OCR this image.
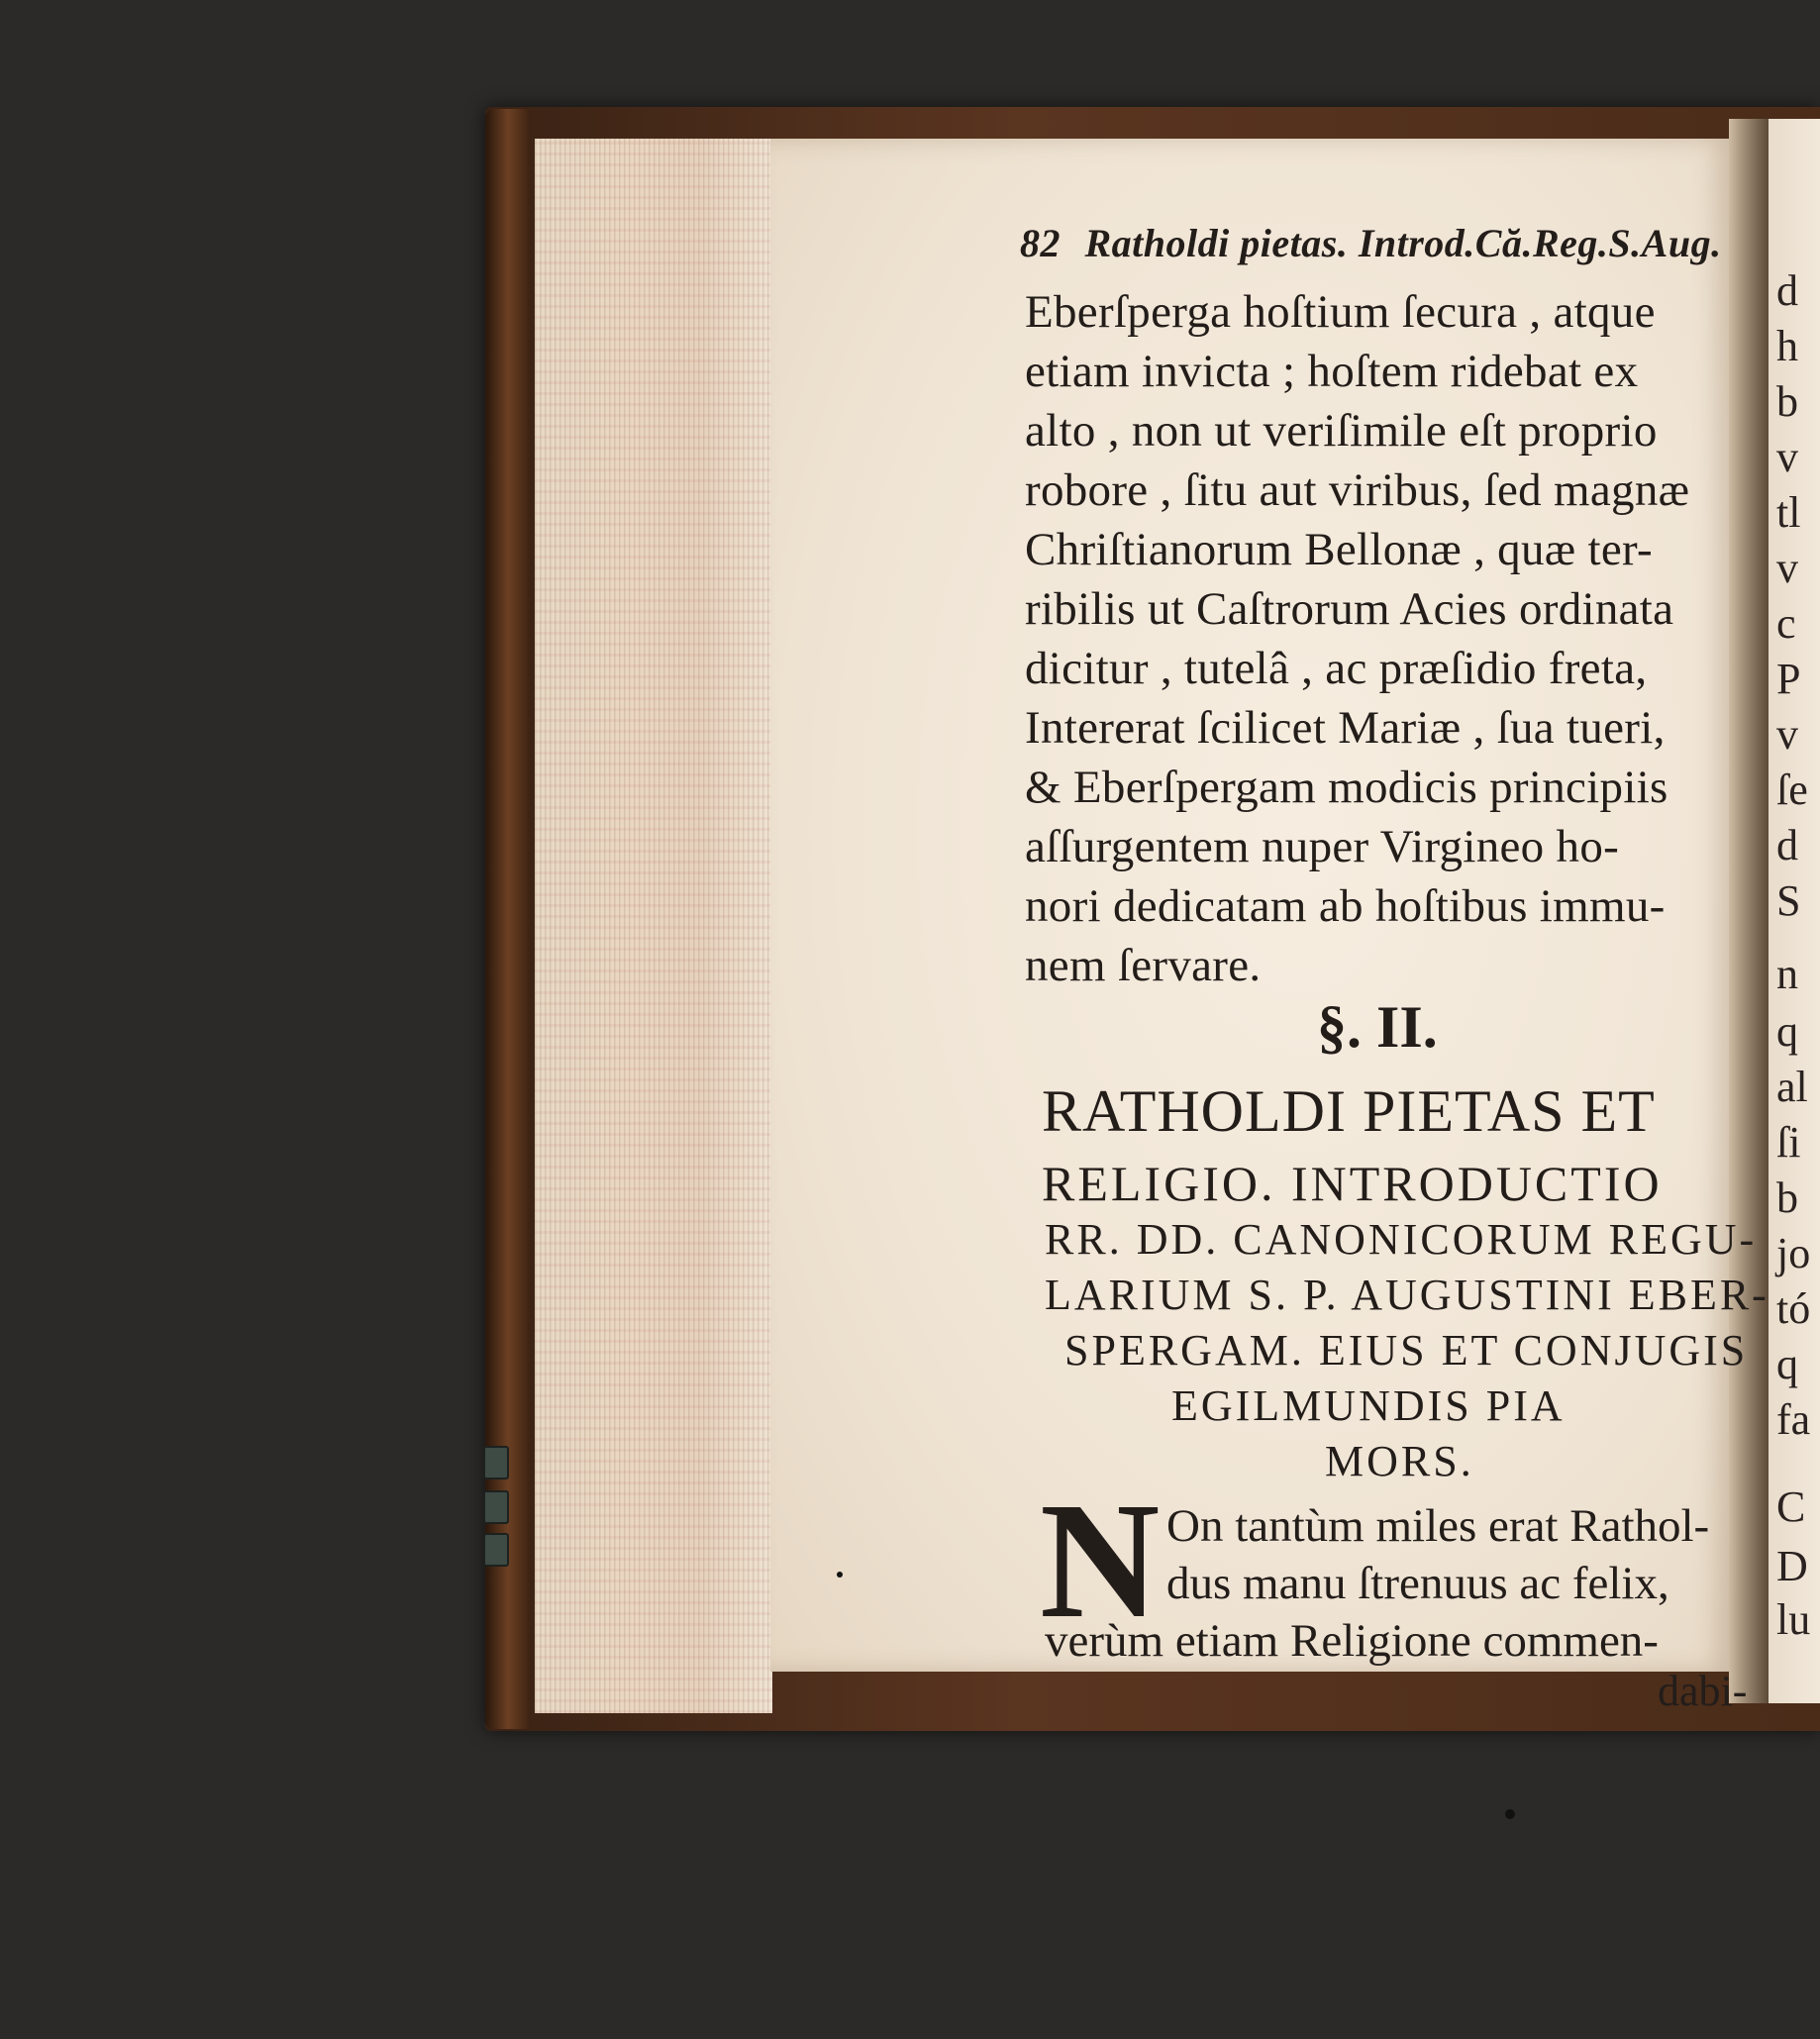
d
h
b
v
tl
v
c
P
v
ſe
d
S
n
q
al
ſi
b
jo
tó
q
fa
C
D
lu
82 Ratholdi pietas. Introd.Că.Reg.S.Aug.
Eberſperga hoſtium ſecura , atque
etiam invicta ; hoſtem ridebat ex
alto , non ut veriſimile eſt proprio
robore , ſitu aut viribus, ſed magnæ
Chriſtianorum Bellonæ , quæ ter-
ribilis ut Caſtrorum Acies ordinata
dicitur , tutelâ , ac præſidio freta,
Intererat ſcilicet Mariæ , ſua tueri,
& Eberſpergam modicis principiis
aſſurgentem nuper Virgineo ho-
nori dedicatam ab hoſtibus immu-
nem ſervare.
§. II.
RATHOLDI PIETAS ET
RELIGIO. INTRODUCTIO
RR. DD. CANONICORUM REGU-
LARIUM S. P. AUGUSTINI EBER-
SPERGAM. EIUS ET CONJUGIS
EGILMUNDIS PIA
MORS.
N On tantùm miles erat Rathol-
dus manu ſtrenuus ac felix,
verùm etiam Religione commen-
dabi-
